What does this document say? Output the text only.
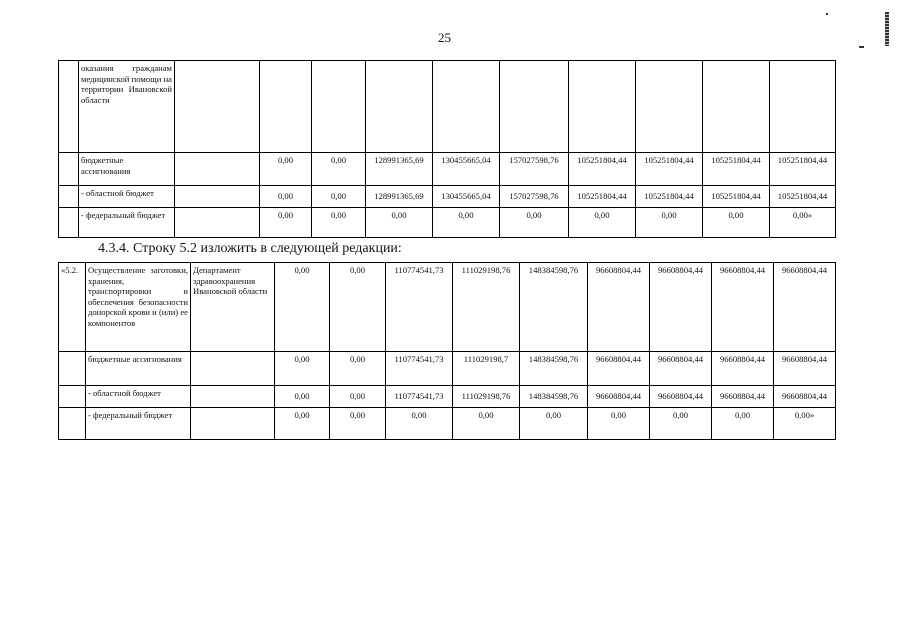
25

	оказания гражданам медицинской помощи на территории Ивановской области										

	бюджетные ассигнования		0,00	0,00	128991365,69	130455665,04	157027598,76	105251804,44	105251804,44	105251804,44	105251804,44
	- областной бюджет		0,00	0,00	128991365,69	130455665,04	157027598,76	105251804,44	105251804,44	105251804,44	105251804,44
	- федеральный бюджет		0,00	0,00	0,00	0,00	0,00	0,00	0,00	0,00	0,00»
4.3.4. Строку 5.2 изложить в следующей редакции:
«5.2.	Осуществление заготовки, хранения, транспортировки и обеспечения безопасности донорской крови и (или) ее компонентов	Департамент здравоохранения Ивановской области	0,00	0,00	110774541,73	111029198,76	148384598,76	96608804,44	96608804,44	96608804,44	96608804,44
	бюджетные ассигнования		0,00	0,00	110774541,73	111029198,7	148384598,76	96608804,44	96608804,44	96608804,44	96608804,44
	- областной бюджет		0,00	0,00	110774541,73	111029198,76	148384598,76	96608804,44	96608804,44	96608804,44	96608804,44
	- федеральный бюджет		0,00	0,00	0,00	0,00	0,00	0,00	0,00	0,00	0,00»
